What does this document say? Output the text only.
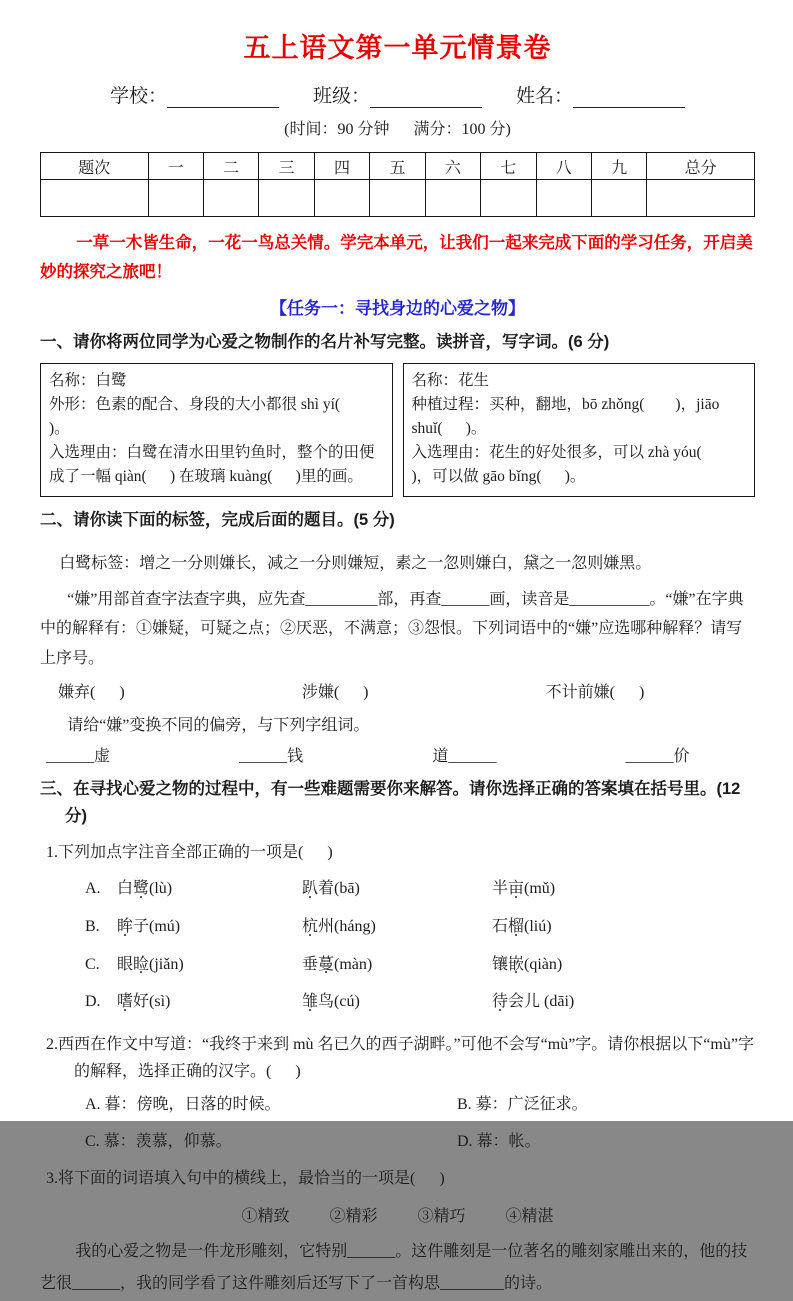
五上语文第一单元情景卷
学校：	班级：	姓名：
(时间：90 分钟      满分：100 分)
题次	一	二	三	四	五	六	七	八	九	总分

一草一木皆生命，一花一鸟总关情。学完本单元，让我们一起来完成下面的学习任务，开启美妙的探究之旅吧！

【任务一：寻找身边的心爱之物】
一、请你将两位同学为心爱之物制作的名片补写完整。读拼音，写字词。(6 分)
名称：白鹭
外形：色素的配合、身段的大小都很 shì yí(      )。
入选理由：白鹭在清水田里钓鱼时，整个的田便成了一幅 qiàn(      ) 在玻璃 kuàng(      )里的画。
名称：花生
种植过程：买种，翻地，bō zhǒng(        )，jiāo shuǐ(      )。
入选理由：花生的好处很多，可以 zhà yóu(        )，可以做 gāo bǐng(      )。
二、请你读下面的标签，完成后面的题目。(5 分)
白鹭标签：增之一分则嫌长，减之一分则嫌短，素之一忽则嫌白，黛之一忽则嫌黑。

“嫌”用部首查字法查字典，应先查_________部，再查______画，读音是__________。“嫌”在字典中的解释有：①嫌疑，可疑之点；②厌恶，不满意；③怨恨。下列词语中的“嫌”应选哪种解释？请写上序号。

嫌弃(      )	涉嫌(      )	不计前嫌(      )
请给“嫌”变换不同的偏旁，与下列字组词。
______虚	______钱	道______	______价
三、在寻找心爱之物的过程中，有一些难题需要你来解答。请你选择正确的答案填在括号里。(12 分)
1.下列加点字注音全部正确的一项是(      )
A.	白鹭(lù)	趴着(bā)	半亩(mǔ)
B.	眸子(mú)	杭州(háng)	石榴(liú)
C.	眼睑(jiǎn)	垂蔓(màn)	镶嵌(qiàn)
D.	嗜好(sì)	雏鸟(cú)	待会儿 (dāi)
2.西西在作文中写道：“我终于来到 mù 名已久的西子湖畔。”可他不会写“mù”字。请你根据以下“mù”字的解释，选择正确的汉字。(      )
A. 暮：傍晚，日落的时候。	B. 募：广泛征求。
C. 慕：羡慕，仰慕。	D. 幕：帐。
3.将下面的词语填入句中的横线上，最恰当的一项是(      )
①精致	②精彩	③精巧	④精湛

我的心爱之物是一件龙形雕刻，它特别______。这件雕刻是一位著名的雕刻家雕出来的，他的技艺很______，我的同学看了这件雕刻后还写下了一首构思________的诗。
